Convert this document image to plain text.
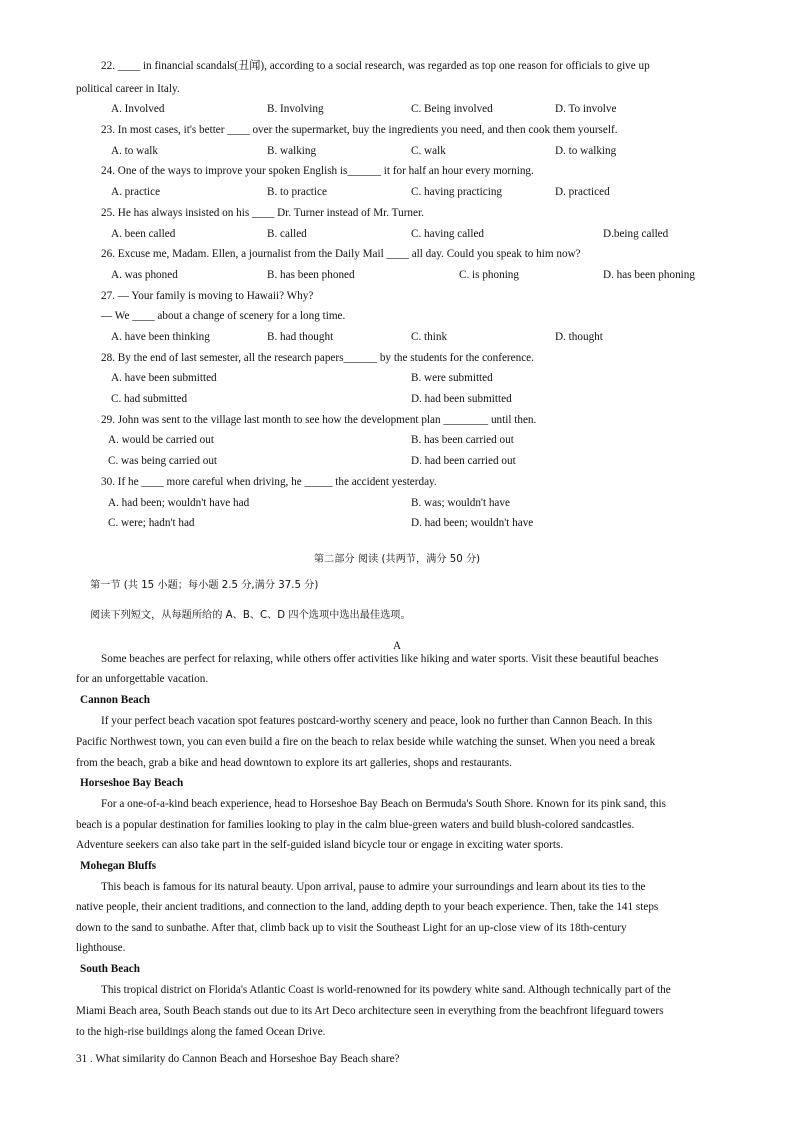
22. ____ in financial scandals(丑闻), according to a social research, was regarded as top one reason for officials to give up
political career in Italy.
A. Involved	B. Involving	C. Being involved	D. To involve
23. In most cases, it's better ____ over the supermarket, buy the ingredients you need, and then cook them yourself.
A. to walk	B. walking	C. walk	D. to walking
24. One of the ways to improve your spoken English is______ it for half an hour every morning.
A. practice	B. to practice	C. having practicing	D. practiced
25. He has always insisted on his ____ Dr. Turner instead of Mr. Turner.
A. been called	B. called	C. having called	D.being called
26. Excuse me, Madam. Ellen, a journalist from the Daily Mail ____ all day. Could you speak to him now?
A. was phoned	B. has been phoned	C. is phoning	D. has been phoning
27. — Your family is moving to Hawaii? Why?
— We ____ about a change of scenery for a long time.
A. have been thinking	B. had thought	C. think	D. thought
28. By the end of last semester, all the research papers______ by the students for the conference.
A. have been submitted	B. were submitted
C. had submitted	D. had been submitted
29. John was sent to the village last month to see how the development plan ________ until then.
A. would be carried out	B. has been carried out
C. was being carried out	D. had been carried out
30. If he ____ more careful when driving, he _____ the accident yesterday.
A. had been; wouldn't have had	B. was; wouldn't have
C. were; hadn't had	D. had been; wouldn't have
第二部分 阅读 (共两节，满分 50 分)
第一节 (共 15 小题；每小题 2.5 分,满分 37.5 分)
阅读下列短文，从每题所给的 A、B、C、D 四个选项中选出最佳选项。
A
Some beaches are perfect for relaxing, while others offer activities like hiking and water sports. Visit these beautiful beaches
for an unforgettable vacation.
Cannon Beach
If your perfect beach vacation spot features postcard-worthy scenery and peace, look no further than Cannon Beach. In this
Pacific Northwest town, you can even build a fire on the beach to relax beside while watching the sunset. When you need a break
from the beach, grab a bike and head downtown to explore its art galleries, shops and restaurants.
Horseshoe Bay Beach
For a one-of-a-kind beach experience, head to Horseshoe Bay Beach on Bermuda's South Shore. Known for its pink sand, this
beach is a popular destination for families looking to play in the calm blue-green waters and build blush-colored sandcastles.
Adventure seekers can also take part in the self-guided island bicycle tour or engage in exciting water sports.
Mohegan Bluffs
This beach is famous for its natural beauty. Upon arrival, pause to admire your surroundings and learn about its ties to the
native people, their ancient traditions, and connection to the land, adding depth to your beach experience. Then, take the 141 steps
down to the sand to sunbathe. After that, climb back up to visit the Southeast Light for an up-close view of its 18th-century
lighthouse.
South Beach
This tropical district on Florida's Atlantic Coast is world-renowned for its powdery white sand. Although technically part of the
Miami Beach area, South Beach stands out due to its Art Deco architecture seen in everything from the beachfront lifeguard towers
to the high-rise buildings along the famed Ocean Drive.
31 . What similarity do Cannon Beach and Horseshoe Bay Beach share?
